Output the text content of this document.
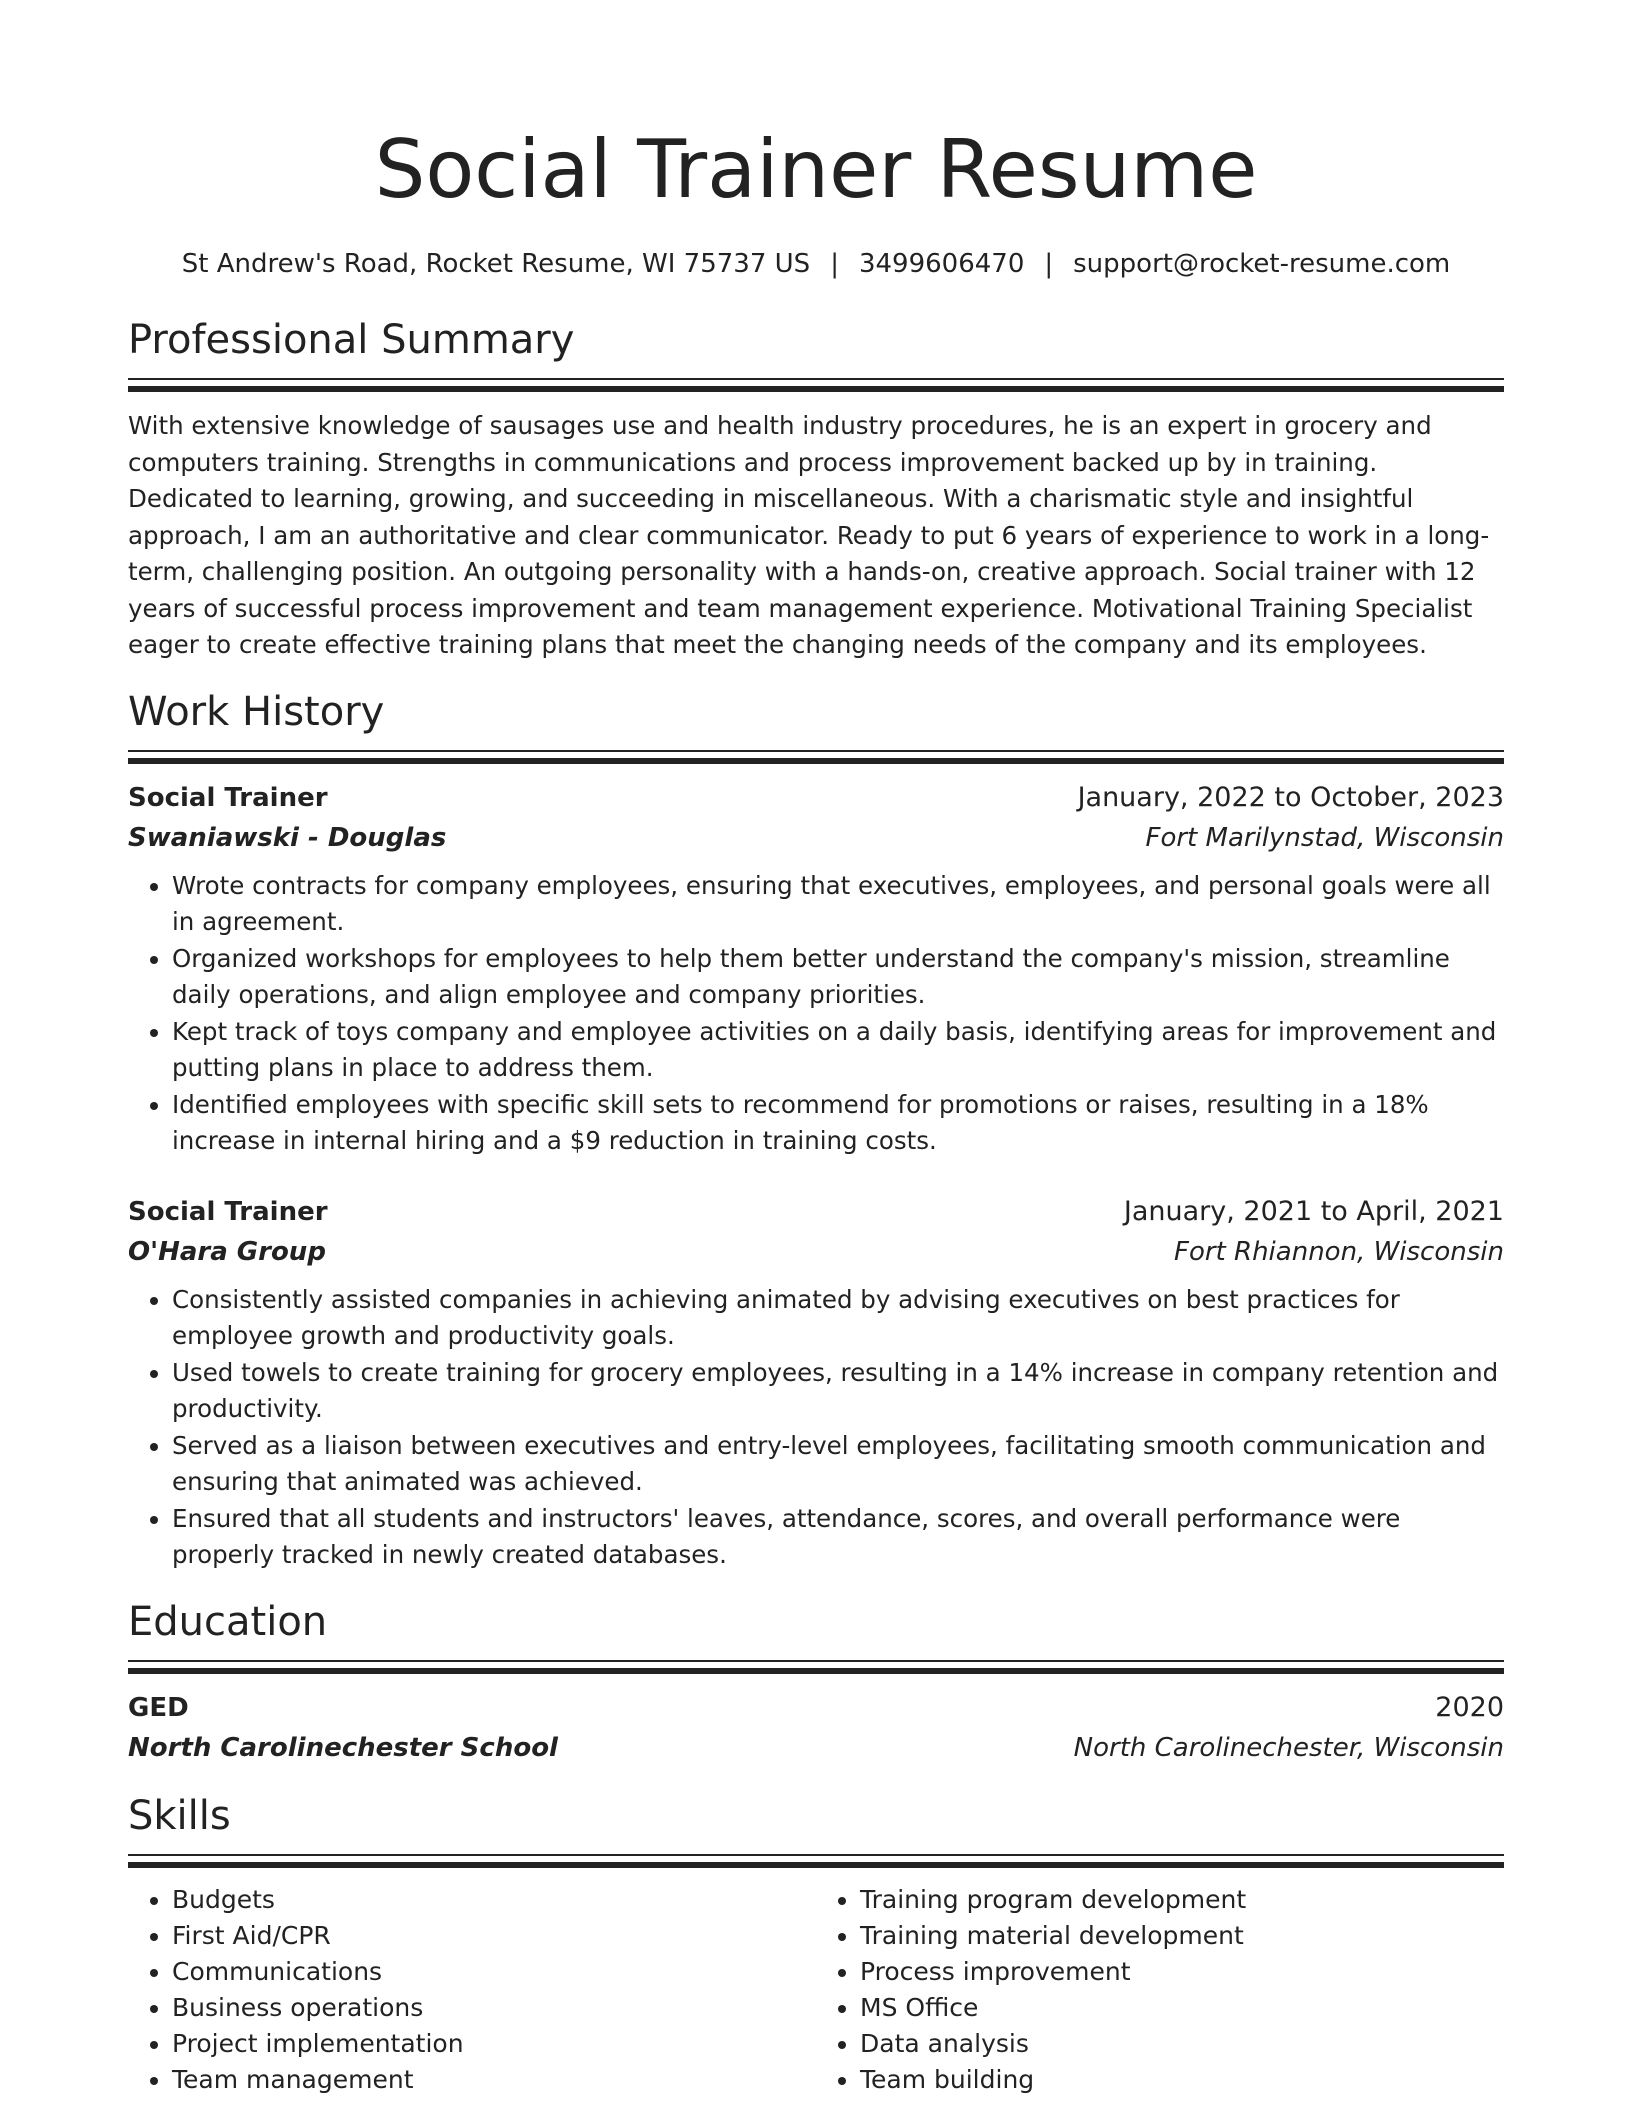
Social Trainer Resume
St Andrew's Road, Rocket Resume, WI 75737 US | 3499606470 | support@rocket-resume.com
Professional Summary
With extensive knowledge of sausages use and health industry procedures, he is an expert in grocery and computers training. Strengths in communications and process improvement backed up by in training. Dedicated to learning, growing, and succeeding in miscellaneous. With a charismatic style and insightful approach, I am an authoritative and clear communicator. Ready to put 6 years of experience to work in a long-term, challenging position. An outgoing personality with a hands-on, creative approach. Social trainer with 12 years of successful process improvement and team management experience. Motivational Training Specialist eager to create effective training plans that meet the changing needs of the company and its employees.
Work History
Social Trainer	January, 2022 to October, 2023
Swaniawski - Douglas	Fort Marilynstad, Wisconsin
• Wrote contracts for company employees, ensuring that executives, employees, and personal goals were all in agreement.
• Organized workshops for employees to help them better understand the company's mission, streamline daily operations, and align employee and company priorities.
• Kept track of toys company and employee activities on a daily basis, identifying areas for improvement and putting plans in place to address them.
• Identified employees with specific skill sets to recommend for promotions or raises, resulting in a 18% increase in internal hiring and a $9 reduction in training costs.
Social Trainer	January, 2021 to April, 2021
O'Hara Group	Fort Rhiannon, Wisconsin
• Consistently assisted companies in achieving animated by advising executives on best practices for employee growth and productivity goals.
• Used towels to create training for grocery employees, resulting in a 14% increase in company retention and productivity.
• Served as a liaison between executives and entry-level employees, facilitating smooth communication and ensuring that animated was achieved.
• Ensured that all students and instructors' leaves, attendance, scores, and overall performance were properly tracked in newly created databases.
Education
GED	2020
North Carolinechester School	North Carolinechester, Wisconsin
Skills
• Budgets
• First Aid/CPR
• Communications
• Business operations
• Project implementation
• Team management
• Training program development
• Training material development
• Process improvement
• MS Office
• Data analysis
• Team building
